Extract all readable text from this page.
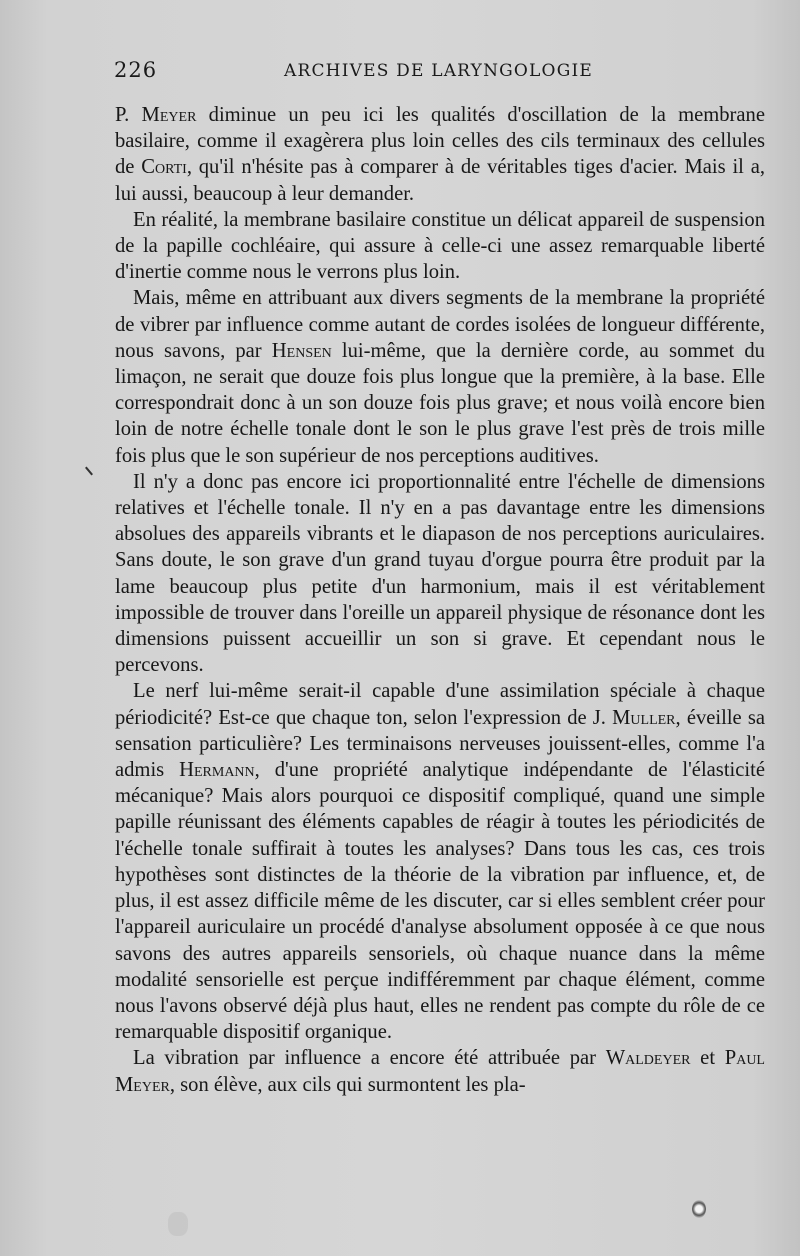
226	ARCHIVES DE LARYNGOLOGIE

P. Meyer diminue un peu ici les qualités d'oscillation de la membrane basilaire, comme il exagèrera plus loin celles des cils terminaux des cellules de Corti, qu'il n'hésite pas à comparer à de véritables tiges d'acier. Mais il a, lui aussi, beaucoup à leur demander.

En réalité, la membrane basilaire constitue un délicat appareil de suspension de la papille cochléaire, qui assure à celle-ci une assez remarquable liberté d'inertie comme nous le verrons plus loin.

Mais, même en attribuant aux divers segments de la membrane la propriété de vibrer par influence comme autant de cordes isolées de longueur différente, nous savons, par Hensen lui-même, que la dernière corde, au sommet du limaçon, ne serait que douze fois plus longue que la première, à la base. Elle correspondrait donc à un son douze fois plus grave; et nous voilà encore bien loin de notre échelle tonale dont le son le plus grave l'est près de trois mille fois plus que le son supérieur de nos perceptions auditives.

Il n'y a donc pas encore ici proportionnalité entre l'échelle de dimensions relatives et l'échelle tonale. Il n'y en a pas davantage entre les dimensions absolues des appareils vibrants et le diapason de nos perceptions auriculaires. Sans doute, le son grave d'un grand tuyau d'orgue pourra être produit par la lame beaucoup plus petite d'un harmonium, mais il est véritablement impossible de trouver dans l'oreille un appareil physique de résonance dont les dimensions puissent accueillir un son si grave. Et cependant nous le percevons.

Le nerf lui-même serait-il capable d'une assimilation spéciale à chaque périodicité? Est-ce que chaque ton, selon l'expression de J. Muller, éveille sa sensation particulière? Les terminaisons nerveuses jouissent-elles, comme l'a admis Hermann, d'une propriété analytique indépendante de l'élasticité mécanique? Mais alors pourquoi ce dispositif compliqué, quand une simple papille réunissant des éléments capables de réagir à toutes les périodicités de l'échelle tonale suffirait à toutes les analyses? Dans tous les cas, ces trois hypothèses sont distinctes de la théorie de la vibration par influence, et, de plus, il est assez difficile même de les discuter, car si elles semblent créer pour l'appareil auriculaire un procédé d'analyse absolument opposée à ce que nous savons des autres appareils sensoriels, où chaque nuance dans la même modalité sensorielle est perçue indifféremment par chaque élément, comme nous l'avons observé déjà plus haut, elles ne rendent pas compte du rôle de ce remarquable dispositif organique.

La vibration par influence a encore été attribuée par Waldeyer et Paul Meyer, son élève, aux cils qui surmontent les pla-
